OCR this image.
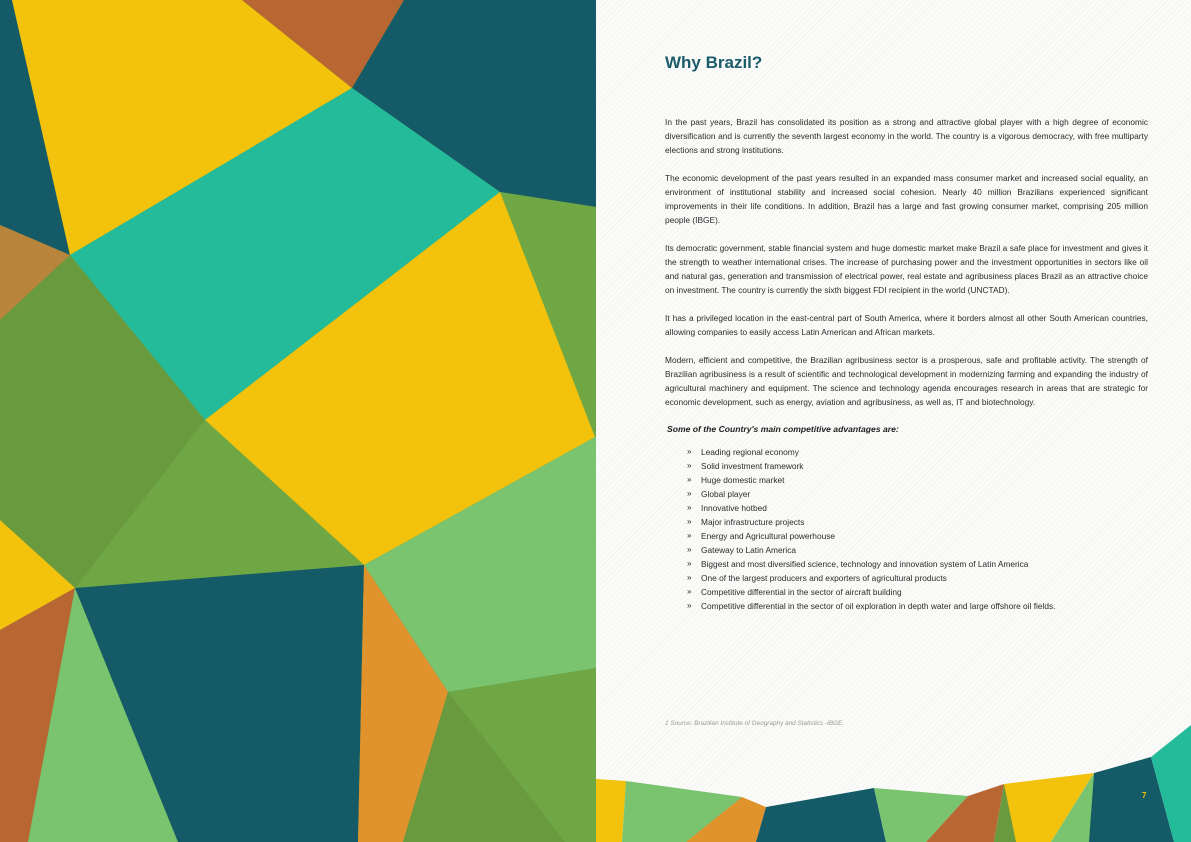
Why Brazil?

In the past years, Brazil has consolidated its position as a strong and attractive global player with a high degree of economic diversification and is currently the seventh largest economy in the world. The country is a vigorous democracy, with free multiparty elections and strong institutions.

The economic development of the past years resulted in an expanded mass consumer market and increased social equality, an environment of institutional stability and increased social cohesion. Nearly 40 million Brazilians experienced significant improvements in their life conditions. In addition, Brazil has a large and fast growing consumer market, comprising 205 million people (IBGE).

Its democratic government, stable financial system and huge domestic market make Brazil a safe place for investment and gives it the strength to weather international crises. The increase of purchasing power and the investment opportunities in sectors like oil and natural gas, generation and transmission of electrical power, real estate and agribusiness places Brazil as an attractive choice on investment. The country is currently the sixth biggest FDI recipient in the world (UNCTAD).

It has a privileged location in the east-central part of South America, where it borders almost all other South American countries, allowing companies to easily access Latin American and African markets.

Modern, efficient and competitive, the Brazilian agribusiness sector is a prosperous, safe and profitable activity. The strength of Brazilian agribusiness is a result of scientific and technological development in modernizing farming and expanding the industry of agricultural machinery and equipment. The science and technology agenda encourages research in areas that are strategic for economic development, such as energy, aviation and agribusiness, as well as, IT and biotechnology.

Some of the Country's main competitive advantages are:

» Leading regional economy
» Solid investment framework
» Huge domestic market
» Global player
» Innovative hotbed
» Major infrastructure projects
» Energy and Agricultural powerhouse
» Gateway to Latin America
» Biggest and most diversified science, technology and innovation system of Latin America
» One of the largest producers and exporters of agricultural products
» Competitive differential in the sector of aircraft building
» Competitive differential in the sector of oil exploration in depth water and large offshore oil fields.

1 Source: Brazilian Institute of Geography and Statistics -IBGE.

7
